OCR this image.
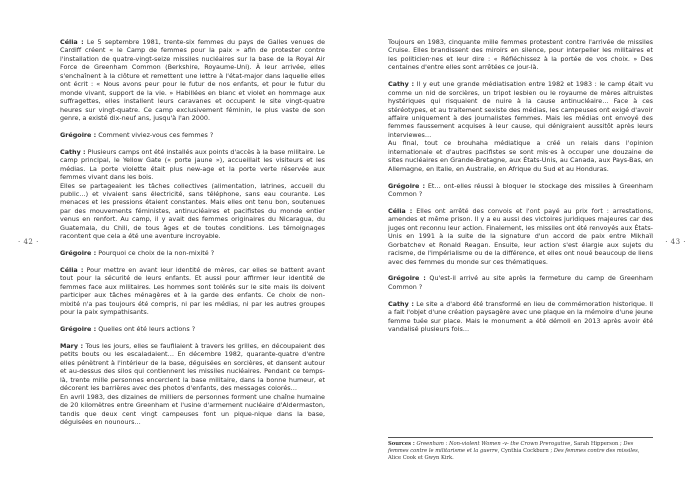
· 42 ·

Célia : Le 5 septembre 1981, trente-six femmes du pays de Galles venues de Cardiff créent « le Camp de femmes pour la paix » afin de protester contre l'installation de quatre-vingt-seize missiles nucléaires sur la base de la Royal Air Force de Greenham Common (Berkshire, Royaume-Uni). À leur arrivée, elles s'enchaînent à la clôture et remettent une lettre à l'état-major dans laquelle elles ont écrit : « Nous avons peur pour le futur de nos enfants, et pour le futur du monde vivant, support de la vie. » Habillées en blanc et violet en hommage aux suffragettes, elles installent leurs caravanes et occupent le site vingt-quatre heures sur vingt-quatre. Ce camp exclusivement féminin, le plus vaste de son genre, a existé dix-neuf ans, jusqu'à l'an 2000.

Grégoire : Comment viviez-vous ces femmes ?

Cathy : Plusieurs camps ont été installés aux points d'accès à la base militaire. Le camp principal, le Yellow Gate (« porte jaune »), accueillait les visiteurs et les médias. La porte violette était plus new-age et la porte verte réservée aux femmes vivant dans les bois.

Elles se partageaient les tâches collectives (alimentation, latrines, accueil du public…) et vivaient sans électricité, sans téléphone, sans eau courante. Les menaces et les pressions étaient constantes. Mais elles ont tenu bon, soutenues par des mouvements féministes, antinucléaires et pacifistes du monde entier venus en renfort. Au camp, il y avait des femmes originaires du Nicaragua, du Guatemala, du Chili, de tous âges et de toutes conditions. Les témoignages racontent que cela a été une aventure incroyable.

Grégoire : Pourquoi ce choix de la non-mixité ?

Célia : Pour mettre en avant leur identité de mères, car elles se battent avant tout pour la sécurité de leurs enfants. Et aussi pour affirmer leur identité de femmes face aux militaires. Les hommes sont tolérés sur le site mais ils doivent participer aux tâches ménagères et à la garde des enfants. Ce choix de non-mixité n'a pas toujours été compris, ni par les médias, ni par les autres groupes pour la paix sympathisants.

Grégoire : Quelles ont été leurs actions ?

Mary : Tous les jours, elles se faufilaient à travers les grilles, en découpaient des petits bouts ou les escaladaient… En décembre 1982, quarante-quatre d'entre elles pénètrent à l'intérieur de la base, déguisées en sorcières, et dansent autour et au-dessus des silos qui contiennent les missiles nucléaires. Pendant ce temps-là, trente mille personnes encerclent la base militaire, dans la bonne humeur, et décorent les barrières avec des photos d'enfants, des messages colorés…

En avril 1983, des dizaines de milliers de personnes forment une chaîne humaine de 20 kilomètres entre Greenham et l'usine d'armement nucléaire d'Aldermaston, tandis que deux cent vingt campeuses font un pique-nique dans la base, déguisées en nounours…

Toujours en 1983, cinquante mille femmes protestent contre l'arrivée de missiles Cruise. Elles brandissent des miroirs en silence, pour interpeller les militaires et les politicien·nes et leur dire : « Réfléchissez à la portée de vos choix. » Des centaines d'entre elles sont arrêtées ce jour-là.

Cathy : Il y eut une grande médiatisation entre 1982 et 1983 : le camp était vu comme un nid de sorcières, un tripot lesbien ou le royaume de mères altruistes hystériques qui risquaient de nuire à la cause antinucléaire… Face à ces stéréotypes, et au traitement sexiste des médias, les campeuses ont exigé d'avoir affaire uniquement à des journalistes femmes. Mais les médias ont envoyé des femmes faussement acquises à leur cause, qui dénigraient aussitôt après leurs interviewes…

Au final, tout ce brouhaha médiatique a créé un relais dans l'opinion internationale et d'autres pacifistes se sont mis·es à occuper une douzaine de sites nucléaires en Grande-Bretagne, aux États-Unis, au Canada, aux Pays-Bas, en Allemagne, en Italie, en Australie, en Afrique du Sud et au Honduras.

Grégoire : Et… ont-elles réussi à bloquer le stockage des missiles à Greenham Common ?

Célia : Elles ont arrêté des convois et l'ont payé au prix fort : arrestations, amendes et même prison. Il y a eu aussi des victoires juridiques majeures car des juges ont reconnu leur action. Finalement, les missiles ont été renvoyés aux États-Unis en 1991 à la suite de la signature d'un accord de paix entre Mikhaïl Gorbatchev et Ronald Reagan. Ensuite, leur action s'est élargie aux sujets du racisme, de l'impérialisme ou de la différence, et elles ont noué beaucoup de liens avec des femmes du monde sur ces thématiques.

Grégoire : Qu'est-il arrivé au site après la fermeture du camp de Greenham Common ?

Cathy : Le site a d'abord été transformé en lieu de commémoration historique. Il a fait l'objet d'une création paysagère avec une plaque en la mémoire d'une jeune femme tuée sur place. Mais le monument a été démoli en 2013 après avoir été vandalisé plusieurs fois…

· 43 ·
Sources : Greenham : Non-violent Women -v- the Crown Prerogative, Sarah Hipperson ; Des femmes contre le militarisme et la guerre, Cynthia Cockburn ; Des femmes contre des missiles, Alice Cook et Gwyn Kirk.
